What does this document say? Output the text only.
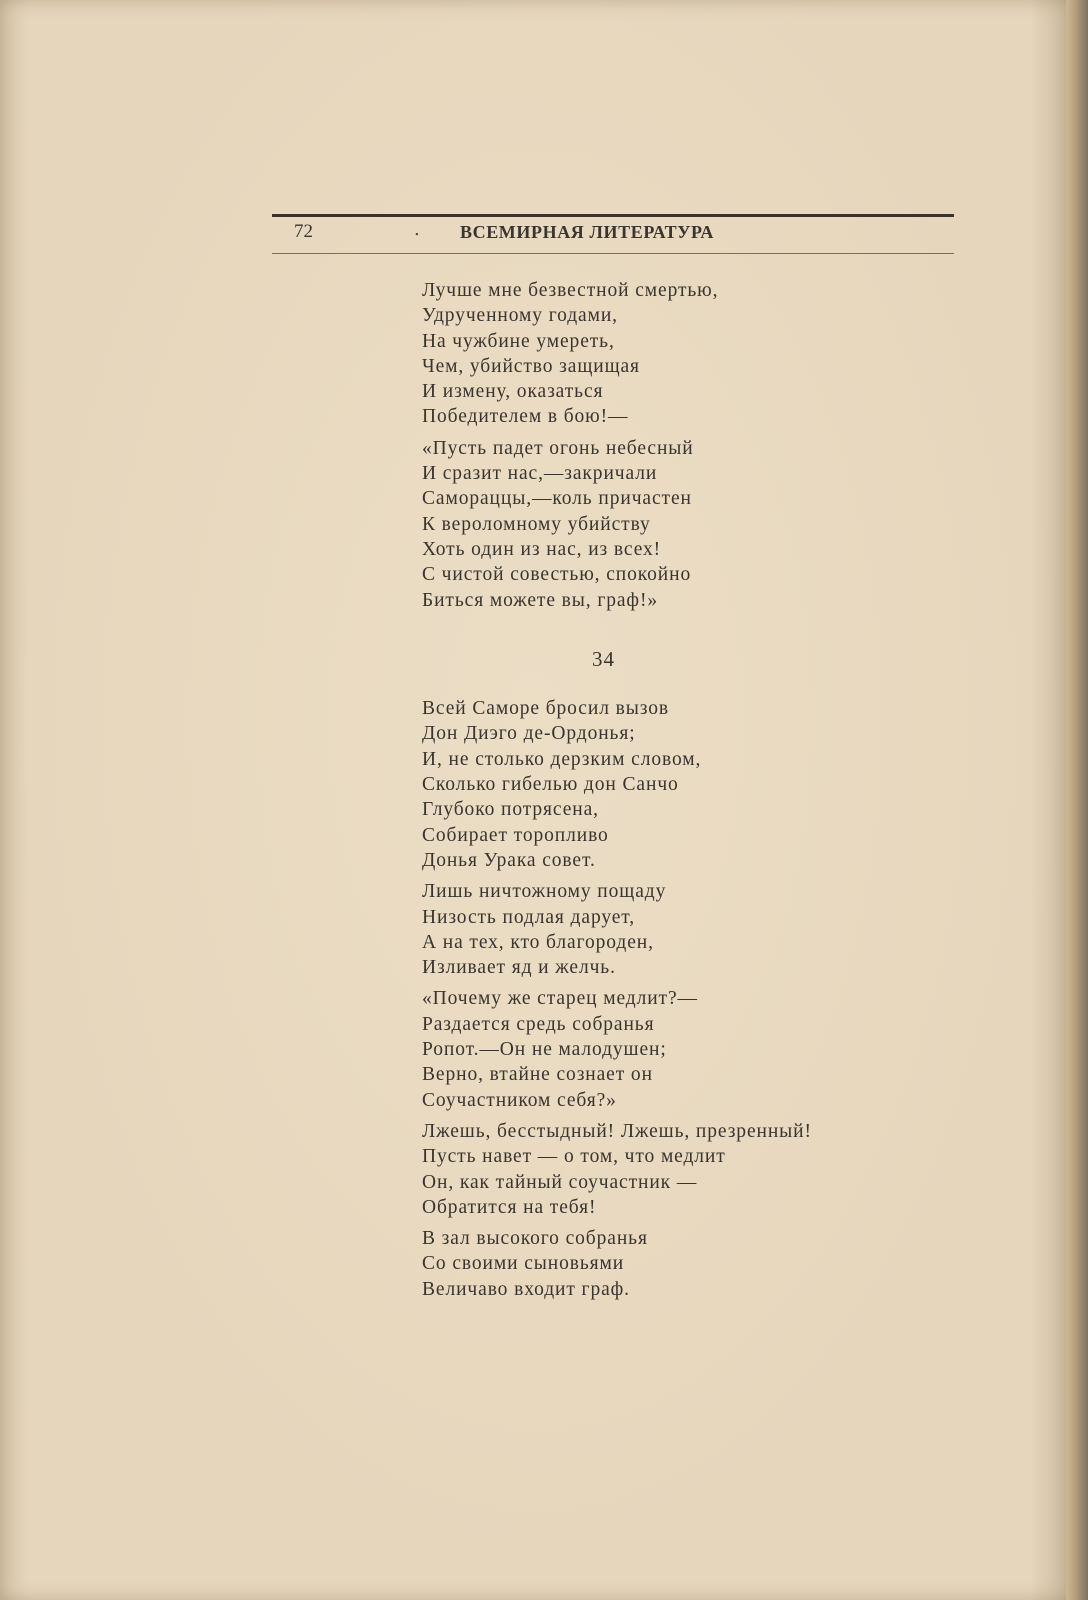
72	. ВСЕМИРНАЯ ЛИТЕРАТУРА
Лучше мне безвестной смертью,
Удрученному годами,
На чужбине умереть,
Чем, убийство защищая
И измену, оказаться
Победителем в бою!—
«Пусть падет огонь небесный
И сразит нас,—закричали
Самораццы,—коль причастен
К вероломному убийству
Хоть один из нас, из всех!
С чистой совестью, спокойно
Биться можете вы, граф!»
34
Всей Саморе бросил вызов
Дон Диэго де-Ордонья;
И, не столько дерзким словом,
Сколько гибелью дон Санчо
Глубоко потрясена,
Собирает торопливо
Донья Урака совет.
Лишь ничтожному пощаду
Низость подлая дарует,
А на тех, кто благороден,
Изливает яд и желчь.
«Почему же старец медлит?—
Раздается средь собранья
Ропот.—Он не малодушен;
Верно, втайне сознает он
Соучастником себя?»
Лжешь, бесстыдный! Лжешь, презренный!
Пусть навет — о том, что медлит
Он, как тайный соучастник —
Обратится на тебя!
В зал высокого собранья
Со своими сыновьями
Величаво входит граф.
